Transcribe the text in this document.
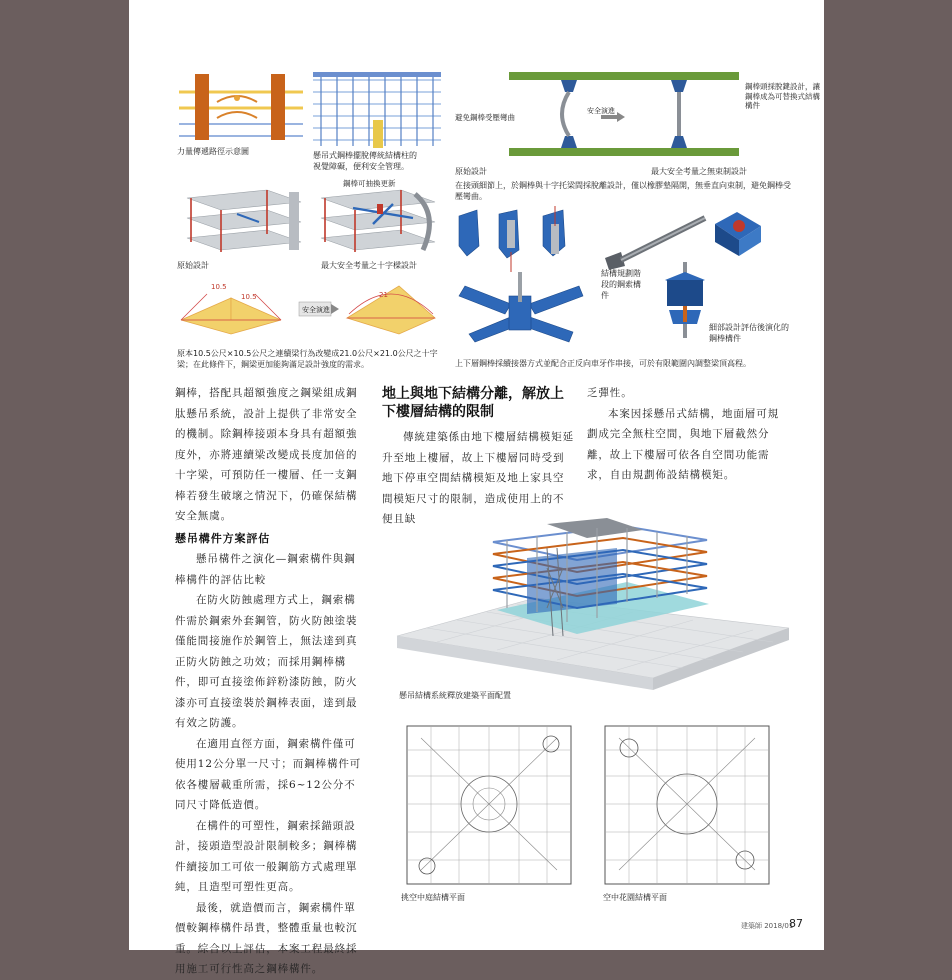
力量傳遞路徑示意圖	懸吊式鋼棒擺脫傳統結構柱的視覺障礙，便利安全管理。
原始設計
鋼棒可抽換更新
最大安全考量之十字樑設計
10.5
10.5	21
安全演進
原本10.5公尺×10.5公尺之連續梁行為改變成21.0公尺×21.0公尺之十字梁；在此條件下，鋼梁更加能夠滿足設計強度的需求。
避免鋼棒受壓彎曲
安全演進
鋼棒頭採脫鍵設計，讓鋼棒成為可替換式結構構件
原始設計	最大安全考量之無束制設計
在接頭細節上，於鋼棒與十字托梁間採脫離設計，僅以橡膠墊隔開，無垂直向束制，避免鋼棒受壓彎曲。
結構規劃階段的鋼索構件
細部設計評估後演化的鋼棒構件
上下層鋼棒採續接器方式並配合正反向車牙作串接，可於有限範圍內調整梁頂高程。

鋼棒，搭配具超額強度之鋼梁組成鋼肽懸吊系統，設計上提供了非常安全的機制。除鋼棒接頭本身具有超額強度外，亦將連續梁改變成長度加倍的十字梁，可預防任一樓層、任一支鋼棒若發生破壞之情況下，仍確保結構安全無虞。

懸吊構件方案評估

懸吊構件之演化—鋼索構件與鋼棒構件的評估比較

在防火防蝕處理方式上，鋼索構件需於鋼索外套鋼管，防火防蝕塗裝僅能間接施作於鋼管上，無法達到真正防火防蝕之功效；而採用鋼棒構件，即可直接塗佈鋅粉漆防蝕，防火漆亦可直接塗裝於鋼棒表面，達到最有效之防護。

在適用直徑方面，鋼索構件僅可使用12公分單一尺寸；而鋼棒構件可依各樓層載重所需，採6~12公分不同尺寸降低造價。

在構件的可塑性，鋼索採錨頭設計，接頭造型設計限制較多；鋼棒構件續接加工可依一般鋼筋方式處理單純，且造型可塑性更高。

最後，就造價而言，鋼索構件單價較鋼棒構件昂貴，整體重量也較沉重。綜合以上評估，本案工程最終採用施工可行性高之鋼棒構件。

地上與地下結構分離，解放上下樓層結構的限制
傳統建築係由地下樓層結構模矩延升至地上樓層，故上下樓層同時受到地下停車空間結構模矩及地上家具空間模矩尺寸的限制，造成使用上的不便且缺

乏彈性。

本案因採懸吊式結構，地面層可規劃成完全無柱空間，與地下層截然分離，故上下樓層可依各自空間功能需求，自由規劃佈設結構模矩。

懸吊結構系統釋放建築平面配置
挑空中庭結構平面	空中花園結構平面
建築師 2018/01
87
